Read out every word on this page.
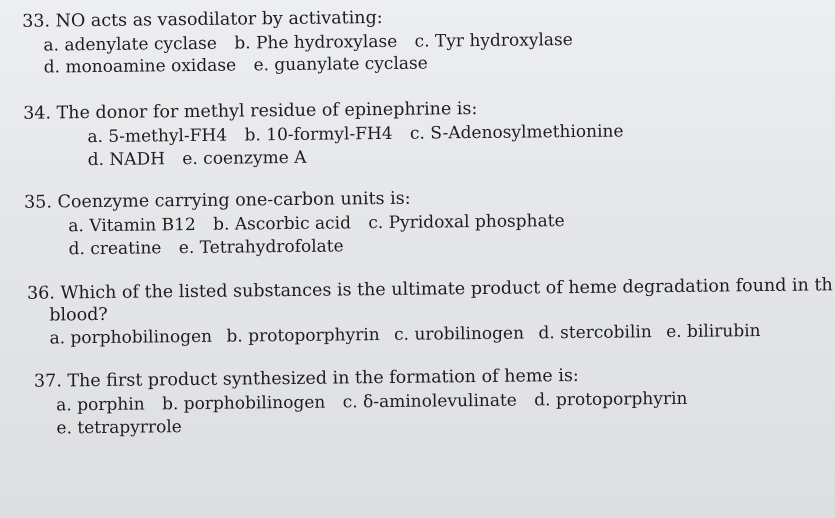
33. NO acts as vasodilator by activating:
a. adenylate cyclase b. Phe hydroxylase c. Tyr hydroxylase
d. monoamine oxidase e. guanylate cyclase
34. The donor for methyl residue of epinephrine is:
a. 5-methyl-FH4 b. 10-formyl-FH4 c. S-Adenosylmethionine
d. NADH e. coenzyme A
35. Coenzyme carrying one-carbon units is:
a. Vitamin B12 b. Ascorbic acid c. Pyridoxal phosphate
d. creatine e. Tetrahydrofolate
36. Which of the listed substances is the ultimate product of heme degradation found in th
blood?
a. porphobilinogen b. protoporphyrin c. urobilinogen d. stercobilin e. bilirubin
37. The first product synthesized in the formation of heme is:
a. porphin b. porphobilinogen c. δ-aminolevulinate d. protoporphyrin
e. tetrapyrrole
